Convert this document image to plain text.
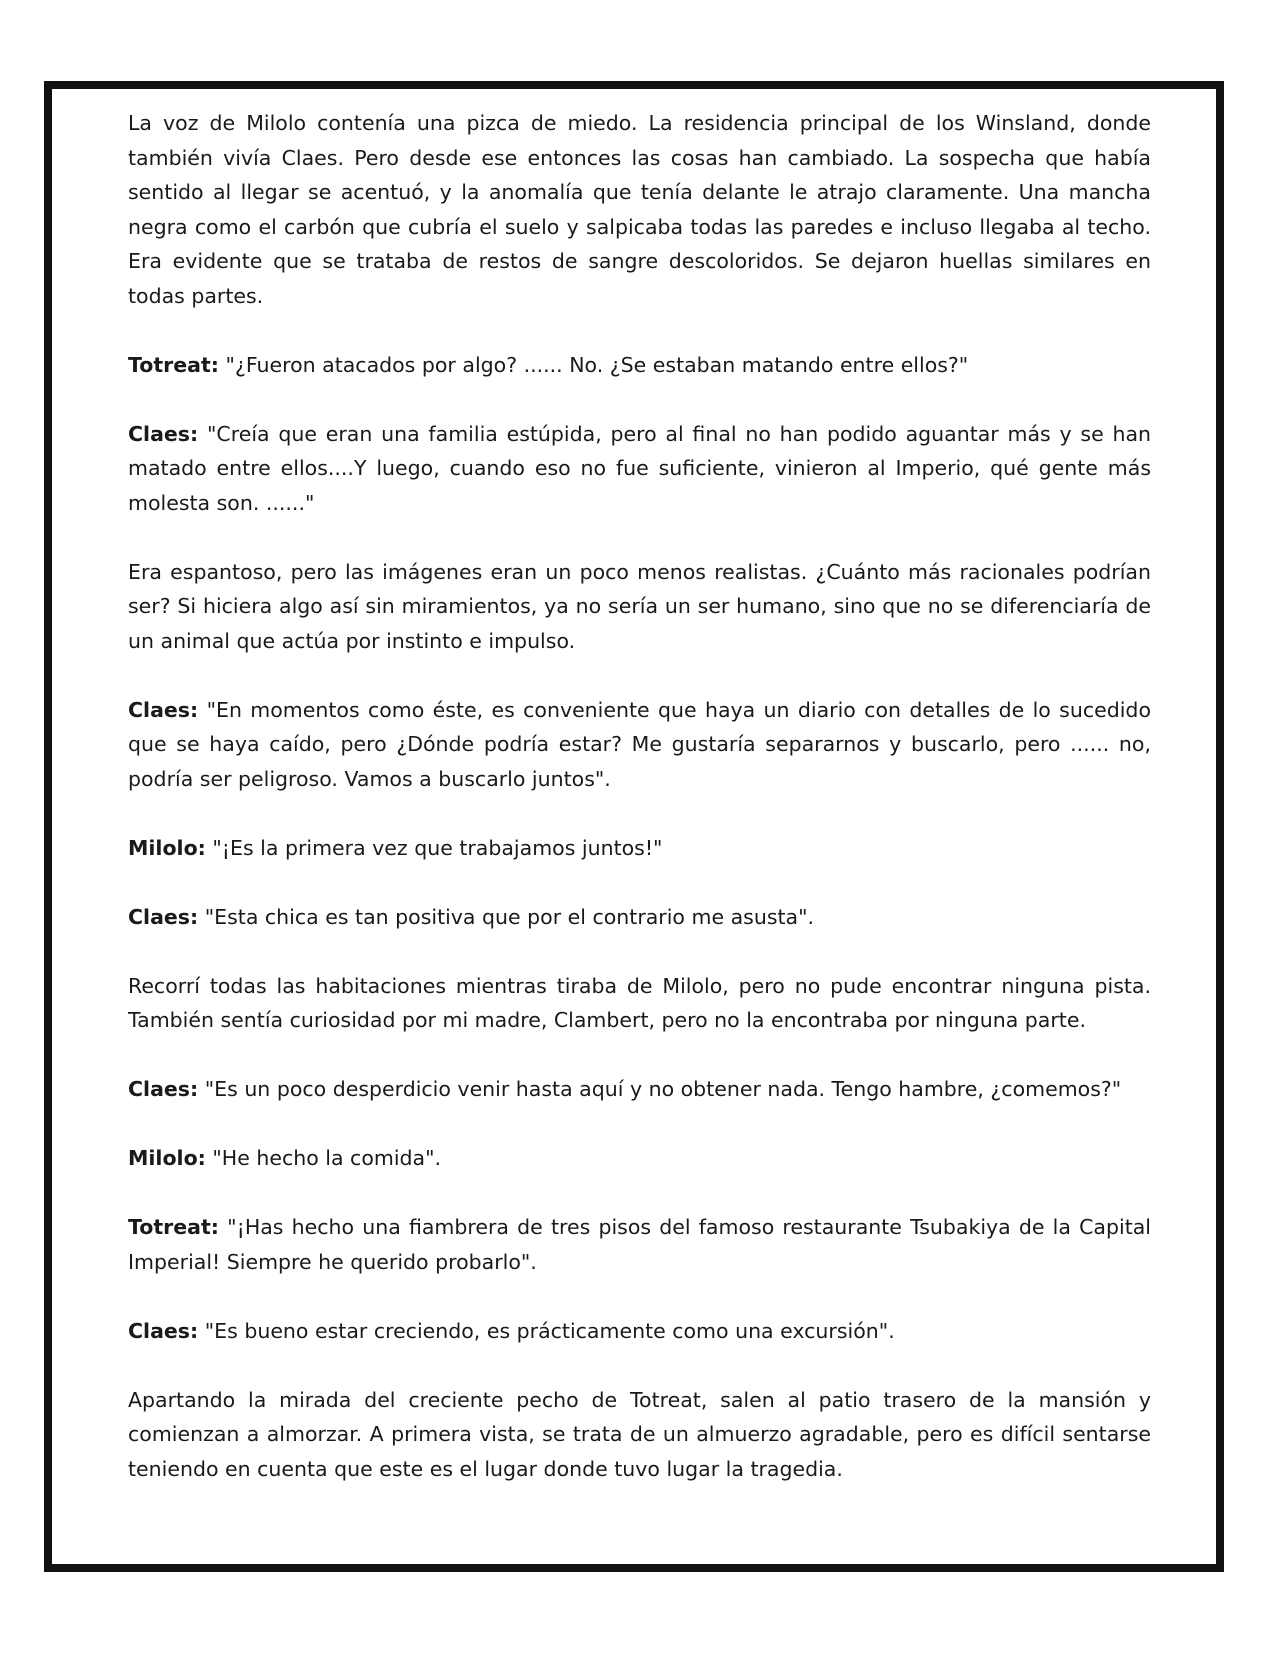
La voz de Milolo contenía una pizca de miedo. La residencia principal de los Winsland, donde también vivía Claes. Pero desde ese entonces las cosas han cambiado. La sospecha que había sentido al llegar se acentuó, y la anomalía que tenía delante le atrajo claramente. Una mancha negra como el carbón que cubría el suelo y salpicaba todas las paredes e incluso llegaba al techo. Era evidente que se trataba de restos de sangre descoloridos. Se dejaron huellas similares en todas partes.

Totreat: "¿Fueron atacados por algo? ...... No. ¿Se estaban matando entre ellos?"

Claes: "Creía que eran una familia estúpida, pero al final no han podido aguantar más y se han matado entre ellos....Y luego, cuando eso no fue suficiente, vinieron al Imperio, qué gente más molesta son. ......"

Era espantoso, pero las imágenes eran un poco menos realistas. ¿Cuánto más racionales podrían ser? Si hiciera algo así sin miramientos, ya no sería un ser humano, sino que no se diferenciaría de un animal que actúa por instinto e impulso.

Claes: "En momentos como éste, es conveniente que haya un diario con detalles de lo sucedido que se haya caído, pero ¿Dónde podría estar? Me gustaría separarnos y buscarlo, pero ...... no, podría ser peligroso. Vamos a buscarlo juntos".

Milolo: "¡Es la primera vez que trabajamos juntos!"

Claes: "Esta chica es tan positiva que por el contrario me asusta".

Recorrí todas las habitaciones mientras tiraba de Milolo, pero no pude encontrar ninguna pista. También sentía curiosidad por mi madre, Clambert, pero no la encontraba por ninguna parte.

Claes: "Es un poco desperdicio venir hasta aquí y no obtener nada. Tengo hambre, ¿comemos?"

Milolo: "He hecho la comida".

Totreat: "¡Has hecho una fiambrera de tres pisos del famoso restaurante Tsubakiya de la Capital Imperial! Siempre he querido probarlo".

Claes: "Es bueno estar creciendo, es prácticamente como una excursión".

Apartando la mirada del creciente pecho de Totreat, salen al patio trasero de la mansión y comienzan a almorzar. A primera vista, se trata de un almuerzo agradable, pero es difícil sentarse teniendo en cuenta que este es el lugar donde tuvo lugar la tragedia.
